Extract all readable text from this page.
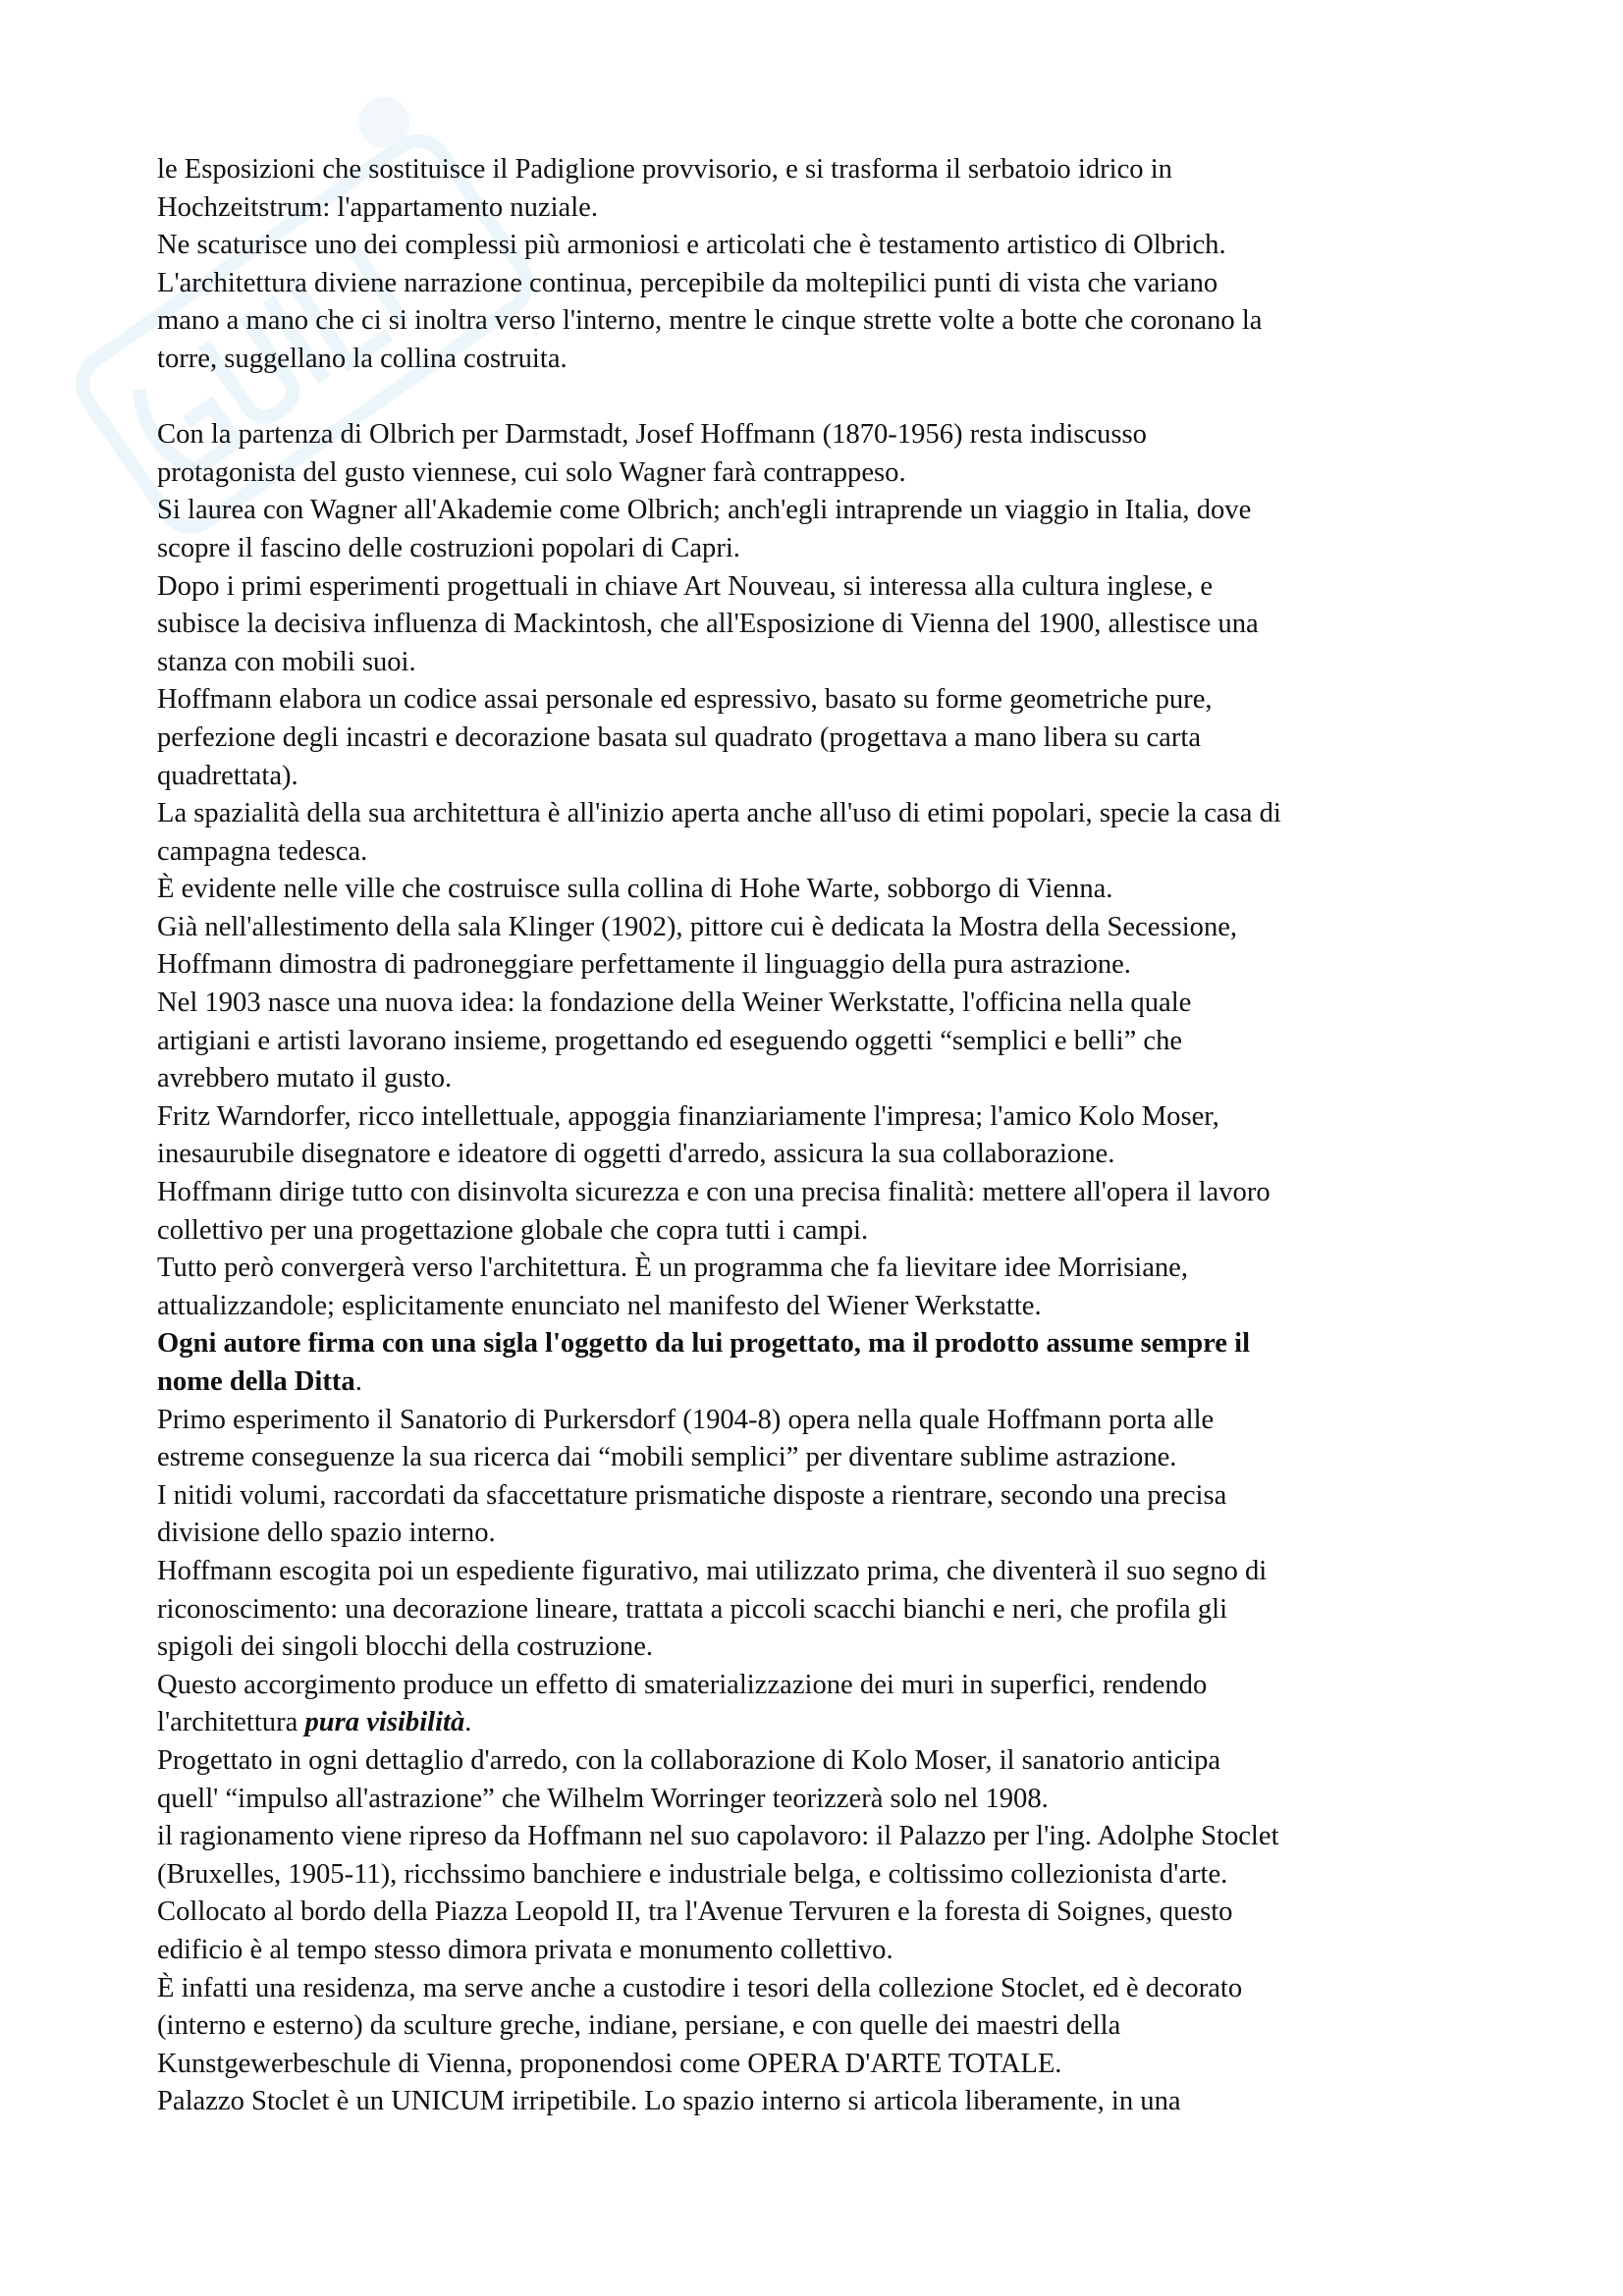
le Esposizioni che sostituisce il Padiglione provvisorio, e si trasforma il serbatoio idrico in
Hochzeitstrum: l'appartamento nuziale.
Ne scaturisce uno dei complessi più armoniosi e articolati che è testamento artistico di Olbrich.
L'architettura diviene narrazione continua, percepibile da moltepilici punti di vista che variano
mano a mano che ci si inoltra verso l'interno, mentre le cinque strette volte a botte che coronano la
torre, suggellano la collina costruita.
Con la partenza di Olbrich per Darmstadt, Josef Hoffmann (1870-1956) resta indiscusso
protagonista del gusto viennese, cui solo Wagner farà contrappeso.
Si laurea con Wagner all'Akademie come Olbrich; anch'egli intraprende un viaggio in Italia, dove
scopre il fascino delle costruzioni popolari di Capri.
Dopo i primi esperimenti progettuali in chiave Art Nouveau, si interessa alla cultura inglese, e
subisce la decisiva influenza di Mackintosh, che all'Esposizione di Vienna del 1900, allestisce una
stanza con mobili suoi.
Hoffmann elabora un codice assai personale ed espressivo, basato su forme geometriche pure,
perfezione degli incastri e decorazione basata sul quadrato (progettava a mano libera su carta
quadrettata).
La spazialità della sua architettura è all'inizio aperta anche all'uso di etimi popolari, specie la casa di
campagna tedesca.
È evidente nelle ville che costruisce sulla collina di Hohe Warte, sobborgo di Vienna.
Già nell'allestimento della sala Klinger (1902), pittore cui è dedicata la Mostra della Secessione,
Hoffmann dimostra di padroneggiare perfettamente il linguaggio della pura astrazione.
Nel 1903 nasce una nuova idea: la fondazione della Weiner Werkstatte, l'officina nella quale
artigiani e artisti lavorano insieme, progettando ed eseguendo oggetti “semplici e belli” che
avrebbero mutato il gusto.
Fritz Warndorfer, ricco intellettuale, appoggia finanziariamente l'impresa; l'amico Kolo Moser,
inesaurubile disegnatore e ideatore di oggetti d'arredo, assicura la sua collaborazione.
Hoffmann dirige tutto con disinvolta sicurezza e con una precisa finalità: mettere all'opera il lavoro
collettivo per una progettazione globale che copra tutti i campi.
Tutto però convergerà verso l'architettura. È un programma che fa lievitare idee Morrisiane,
attualizzandole; esplicitamente enunciato nel manifesto del Wiener Werkstatte.
Ogni autore firma con una sigla l'oggetto da lui progettato, ma il prodotto assume sempre il
nome della Ditta.
Primo esperimento il Sanatorio di Purkersdorf (1904-8) opera nella quale Hoffmann porta alle
estreme conseguenze la sua ricerca dai “mobili semplici” per diventare sublime astrazione.
I nitidi volumi, raccordati da sfaccettature prismatiche disposte a rientrare, secondo una precisa
divisione dello spazio interno.
Hoffmann escogita poi un espediente figurativo, mai utilizzato prima, che diventerà il suo segno di
riconoscimento: una decorazione lineare, trattata a piccoli scacchi bianchi e neri, che profila gli
spigoli dei singoli blocchi della costruzione.
Questo accorgimento produce un effetto di smaterializzazione dei muri in superfici, rendendo
l'architettura pura visibilità.
Progettato in ogni dettaglio d'arredo, con la collaborazione di Kolo Moser, il sanatorio anticipa
quell' “impulso all'astrazione” che Wilhelm Worringer teorizzerà solo nel 1908.
il ragionamento viene ripreso da Hoffmann nel suo capolavoro: il Palazzo per l'ing. Adolphe Stoclet
(Bruxelles, 1905-11), ricchssimo banchiere e industriale belga, e coltissimo collezionista d'arte.
Collocato al bordo della Piazza Leopold II, tra l'Avenue Tervuren e la foresta di Soignes, questo
edificio è al tempo stesso dimora privata e monumento collettivo.
È infatti una residenza, ma serve anche a custodire i tesori della collezione Stoclet, ed è decorato
(interno e esterno) da sculture greche, indiane, persiane, e con quelle dei maestri della
Kunstgewerbeschule di Vienna, proponendosi come OPERA D'ARTE TOTALE.
Palazzo Stoclet è un UNICUM irripetibile. Lo spazio interno si articola liberamente, in una
